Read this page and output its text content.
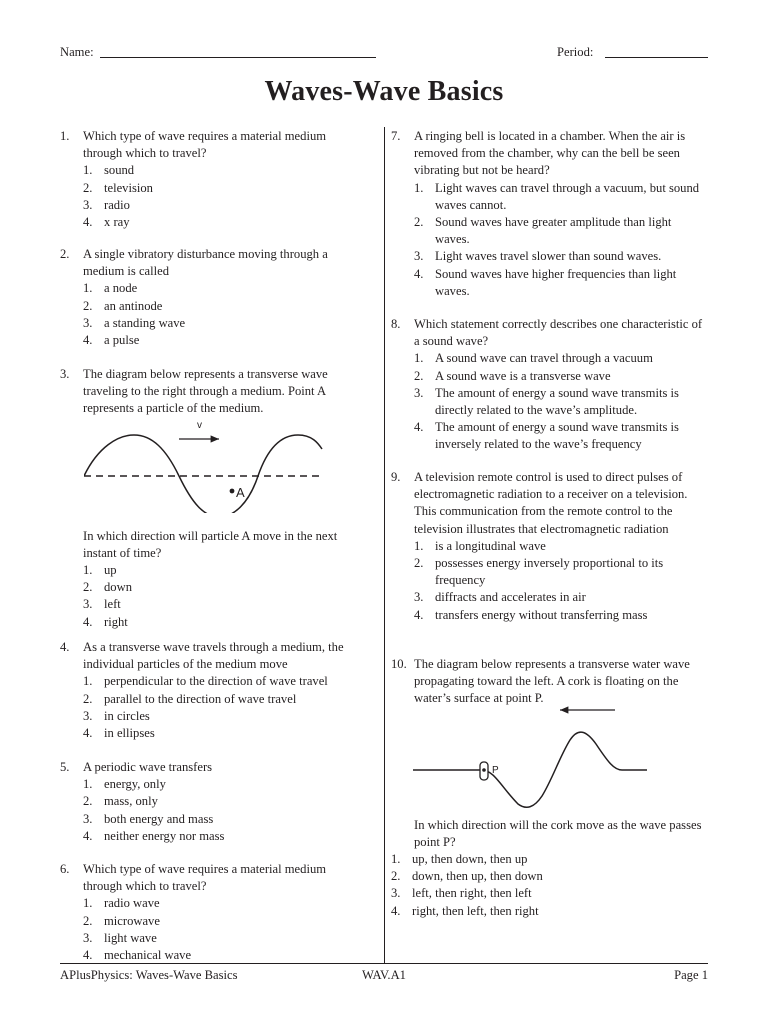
Name:	Period:
Waves-Wave Basics
1. Which type of wave requires a material medium through which to travel?
1. sound
2. television
3. radio
4. x ray
2. A single vibratory disturbance moving through a medium is called
1. a node
2. an antinode
3. a standing wave
4. a pulse
3. The diagram below represents a transverse wave traveling to the right through a medium. Point A represents a particle of the medium.
In which direction will particle A move in the next instant of time?
1. up
2. down
3. left
4. right
v
A
4. As a transverse wave travels through a medium, the individual particles of the medium move
1. perpendicular to the direction of wave travel
2. parallel to the direction of wave travel
3. in circles
4. in ellipses
5. A periodic wave transfers
1. energy, only
2. mass, only
3. both energy and mass
4. neither energy nor mass
6. Which type of wave requires a material medium through which to travel?
1. radio wave
2. microwave
3. light wave
4. mechanical wave
7. A ringing bell is located in a chamber. When the air is removed from the chamber, why can the bell be seen vibrating but not be heard?
1. Light waves can travel through a vacuum, but sound waves cannot.
2. Sound waves have greater amplitude than light waves.
3. Light waves travel slower than sound waves.
4. Sound waves have higher frequencies than light waves.
8. Which statement correctly describes one characteristic of a sound wave?
1. A sound wave can travel through a vacuum
2. A sound wave is a transverse wave
3. The amount of energy a sound wave transmits is directly related to the wave’s amplitude.
4. The amount of energy a sound wave transmits is inversely related to the wave’s frequency
9. A television remote control is used to direct pulses of electromagnetic radiation to a receiver on a television. This communication from the remote control to the television illustrates that electromagnetic radiation
1. is a longitudinal wave
2. possesses energy inversely proportional to its frequency
3. diffracts and accelerates in air
4. transfers energy without transferring mass
10. The diagram below represents a transverse water wave propagating toward the left. A cork is floating on the water’s surface at point P.
In which direction will the cork move as the wave passes point P?
1. up, then down, then up
2. down, then up, then down
3. left, then right, then left
4. right, then left, then right
P
APlusPhysics: Waves-Wave Basics	WAV.A1	Page 1
